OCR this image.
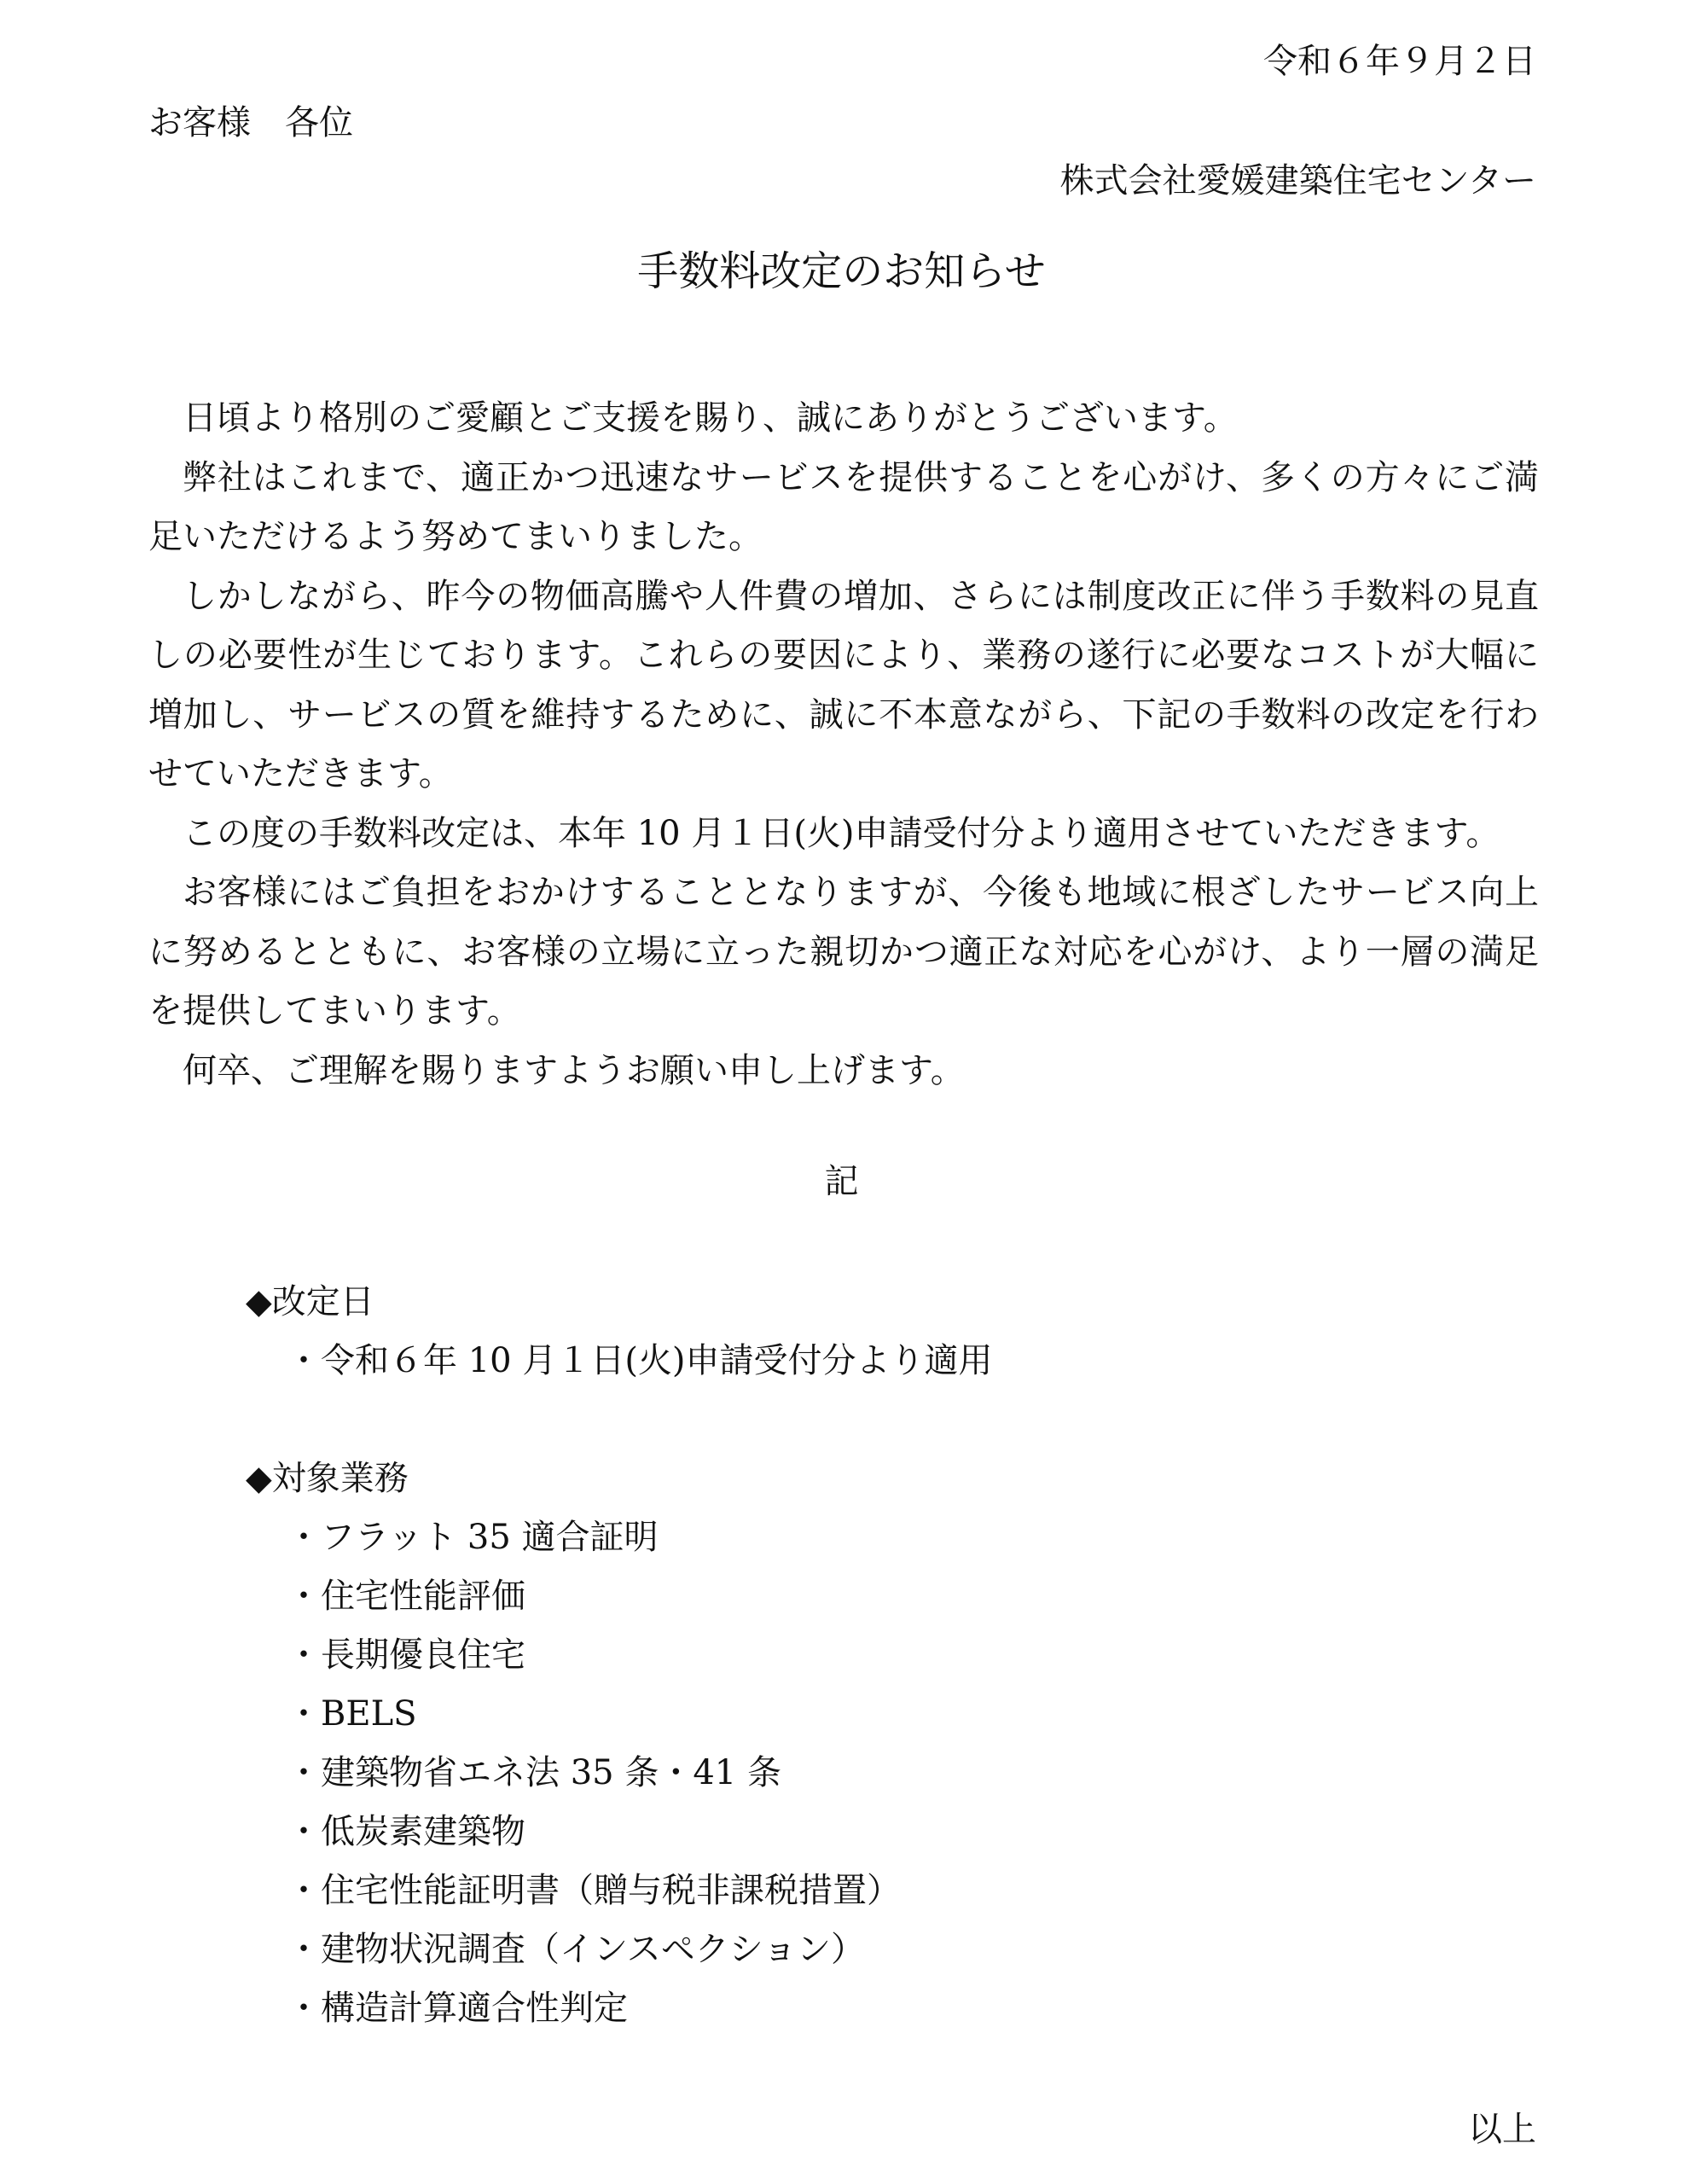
令和６年９月２日
お客様　各位
株式会社愛媛建築住宅センター
手数料改定のお知らせ

日頃より格別のご愛顧とご支援を賜り、誠にありがとうございます。

弊社はこれまで、適正かつ迅速なサービスを提供することを心がけ、多くの方々にご満足いただけるよう努めてまいりました。

しかしながら、昨今の物価高騰や人件費の増加、さらには制度改正に伴う手数料の見直しの必要性が生じております。これらの要因により、業務の遂行に必要なコストが大幅に増加し、サービスの質を維持するために、誠に不本意ながら、下記の手数料の改定を行わせていただきます。

この度の手数料改定は、本年 10 月１日(火)申請受付分より適用させていただきます。

お客様にはご負担をおかけすることとなりますが、今後も地域に根ざしたサービス向上に努めるとともに、お客様の立場に立った親切かつ適正な対応を心がけ、より一層の満足を提供してまいります。

何卒、ご理解を賜りますようお願い申し上げます。

記
◆改定日
・令和６年 10 月１日(火)申請受付分より適用
◆対象業務
・フラット 35 適合証明
・住宅性能評価
・長期優良住宅
・BELS
・建築物省エネ法 35 条・41 条
・低炭素建築物
・住宅性能証明書（贈与税非課税措置）
・建物状況調査（インスペクション）
・構造計算適合性判定
以上
